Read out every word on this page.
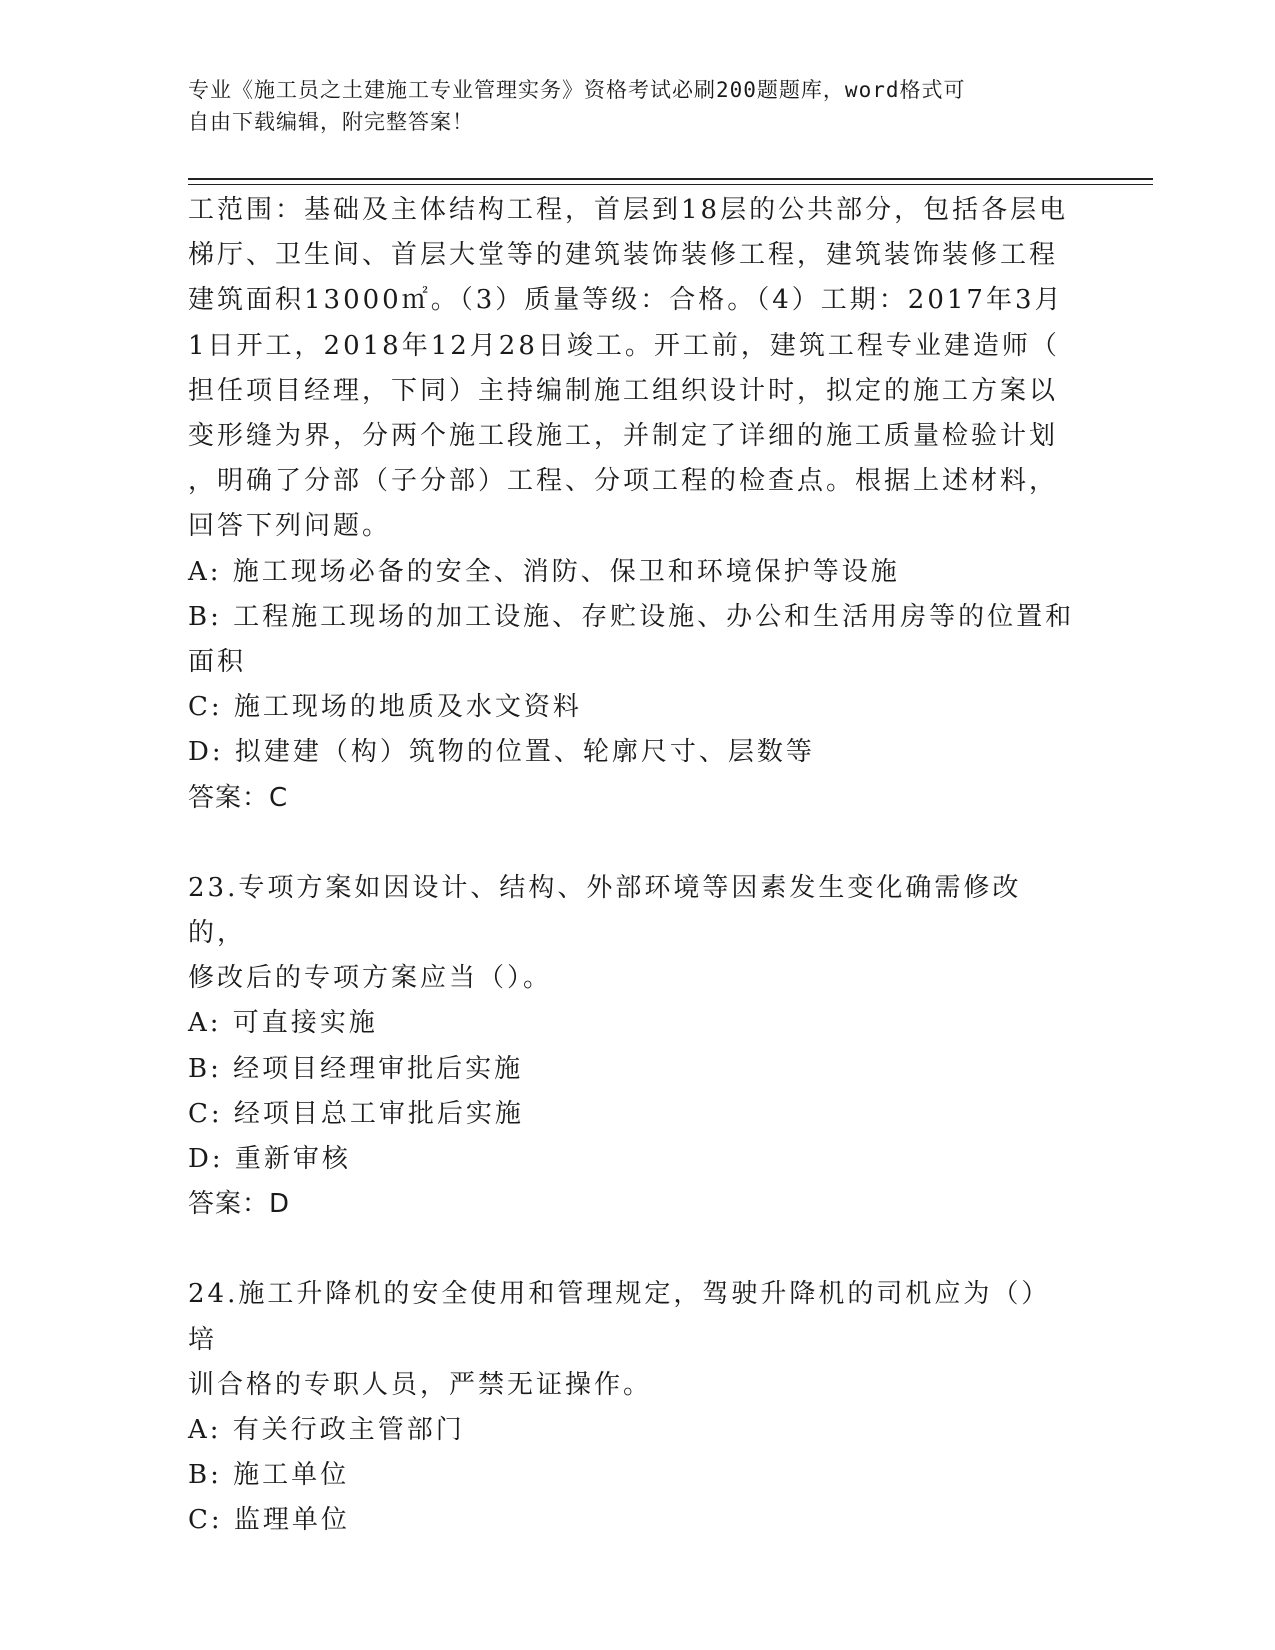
专业《施工员之土建施工专业管理实务》资格考试必刷200题题库，word格式可
自由下载编辑，附完整答案！

工范围：基础及主体结构工程，首层到18层的公共部分，包括各层电

梯厅、卫生间、首层大堂等的建筑装饰装修工程，建筑装饰装修工程

建筑面积13000㎡。（3）质量等级：合格。（4）工期：2017年3月

1日开工，2018年12月28日竣工。开工前，建筑工程专业建造师（

担任项目经理，下同）主持编制施工组织设计时，拟定的施工方案以

变形缝为界，分两个施工段施工，并制定了详细的施工质量检验计划

，明确了分部（子分部）工程、分项工程的检查点。根据上述材料，

回答下列问题。

A: 施工现场必备的安全、消防、保卫和环境保护等设施

B: 工程施工现场的加工设施、存贮设施、办公和生活用房等的位置和

面积

C: 施工现场的地质及水文资料

D: 拟建建（构）筑物的位置、轮廓尺寸、层数等

答案：C

23.专项方案如因设计、结构、外部环境等因素发生变化确需修改的，

修改后的专项方案应当（）。

A: 可直接实施

B: 经项目经理审批后实施

C: 经项目总工审批后实施

D: 重新审核

答案：D

24.施工升降机的安全使用和管理规定，驾驶升降机的司机应为（）培

训合格的专职人员，严禁无证操作。

A: 有关行政主管部门

B: 施工单位

C: 监理单位
